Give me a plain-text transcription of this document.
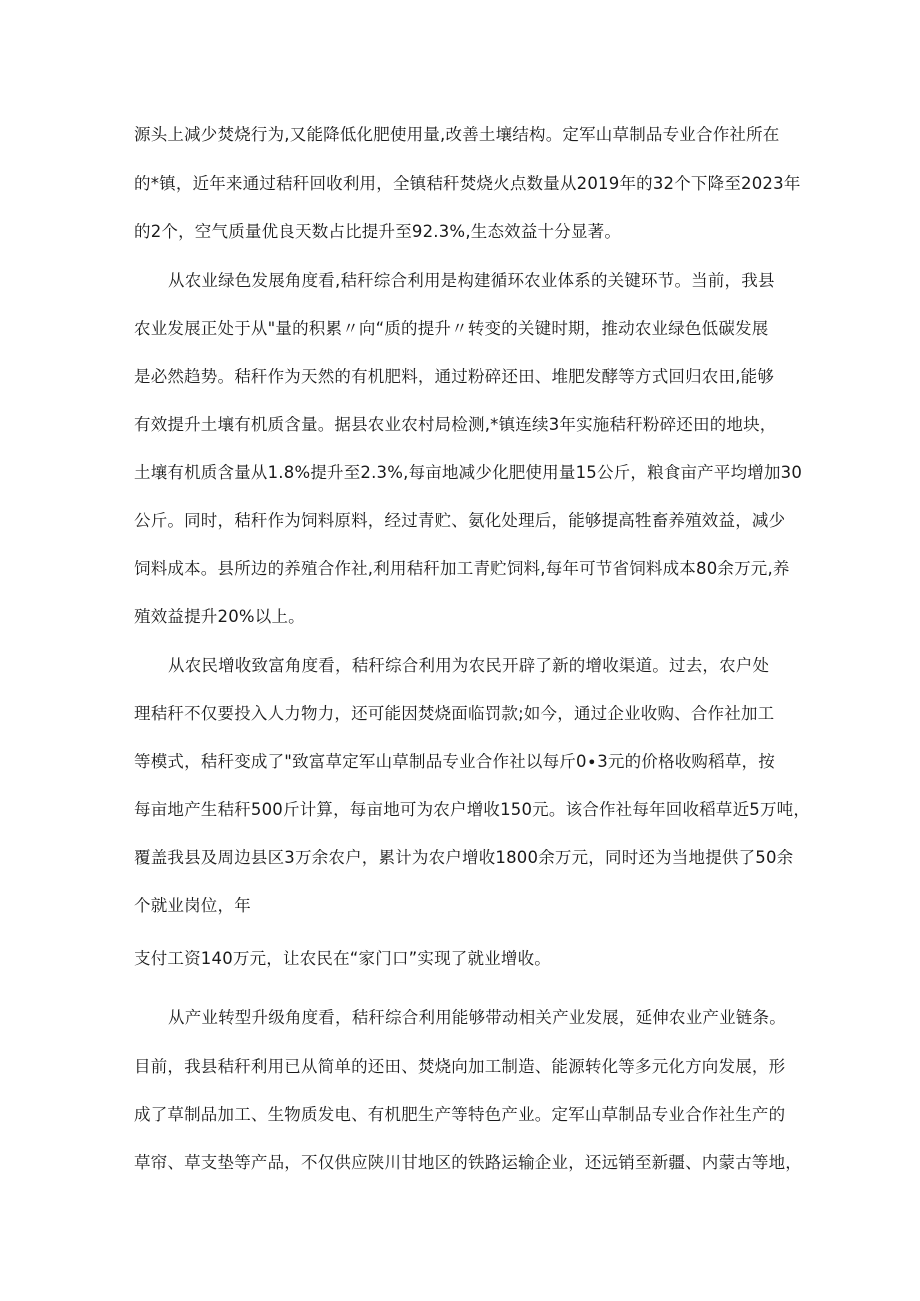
源头上减少焚烧行为,又能降低化肥使用量,改善土壤结构。定军山草制品专业合作社所在
的*镇，近年来通过秸秆回收利用，全镇秸秆焚烧火点数量从2019年的32个下降至2023年
的2个，空气质量优良天数占比提升至92.3%,生态效益十分显著。
从农业绿色发展角度看,秸秆综合利用是构建循环农业体系的关键环节。当前，我县
农业发展正处于从"量的积累〃向“质的提升〃转变的关键时期，推动农业绿色低碳发展
是必然趋势。秸秆作为天然的有机肥料，通过粉碎还田、堆肥发酵等方式回归农田,能够
有效提升土壤有机质含量。据县农业农村局检测,*镇连续3年实施秸秆粉碎还田的地块，
土壤有机质含量从1.8%提升至2.3%,每亩地减少化肥使用量15公斤，粮食亩产平均增加30
公斤。同时，秸秆作为饲料原料，经过青贮、氨化处理后，能够提高牲畜养殖效益，减少
饲料成本。县所边的养殖合作社,利用秸秆加工青贮饲料,每年可节省饲料成本80余万元,养
殖效益提升20%以上。
从农民增收致富角度看，秸秆综合利用为农民开辟了新的增收渠道。过去，农户处
理秸秆不仅要投入人力物力，还可能因焚烧面临罚款;如今，通过企业收购、合作社加工
等模式，秸秆变成了"致富草定军山草制品专业合作社以每斤0∙3元的价格收购稻草，按
每亩地产生秸秆500斤计算，每亩地可为农户增收150元。该合作社每年回收稻草近5万吨，
覆盖我县及周边县区3万余农户，累计为农户增收1800余万元，同时还为当地提供了50余
个就业岗位，年
支付工资140万元，让农民在“家门口”实现了就业增收。
从产业转型升级角度看，秸秆综合利用能够带动相关产业发展，延伸农业产业链条。
目前，我县秸秆利用已从简单的还田、焚烧向加工制造、能源转化等多元化方向发展，形
成了草制品加工、生物质发电、有机肥生产等特色产业。定军山草制品专业合作社生产的
草帘、草支垫等产品，不仅供应陕川甘地区的铁路运输企业，还远销至新疆、内蒙古等地，
